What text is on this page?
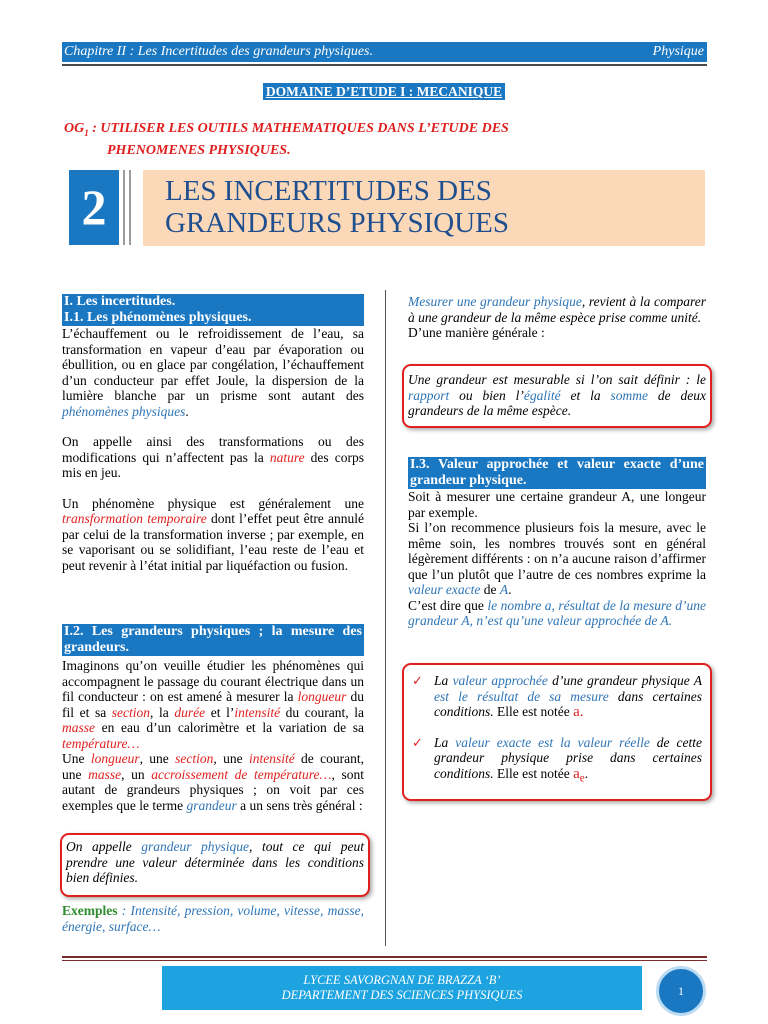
Chapitre II : Les Incertitudes des grandeurs physiques.	Physique
DOMAINE D’ETUDE I : MECANIQUE
$OG_1$ : UTILISER LES OUTILS MATHEMATIQUES DANS L’ETUDE DES
PHENOMENES PHYSIQUES.
2	LES INCERTITUDES DES
GRANDEURS PHYSIQUES
I. Les incertitudes.
I.1. Les phénomènes physiques.

L’échauffement ou le refroidissement de l’eau, sa transformation en vapeur d’eau par évaporation ou ébullition, ou en glace par congélation, l’échauffement d’un conducteur par effet Joule, la dispersion de la lumière blanche par un prisme sont autant des phénomènes physiques.

On appelle ainsi des transformations ou des modifications qui n’affectent pas la nature des corps mis en jeu.

Un phénomène physique est généralement une transformation temporaire dont l’effet peut être annulé par celui de la transformation inverse ; par exemple, en se vaporisant ou se solidifiant, l’eau reste de l’eau et peut revenir à l’état initial par liquéfaction ou fusion.

I.2. Les grandeurs physiques ; la mesure des grandeurs.

Imaginons qu’on veuille étudier les phénomènes qui accompagnent le passage du courant électrique dans un fil conducteur : on est amené à mesurer la longueur du fil et sa section, la durée et l’intensité du courant, la masse en eau d’un calorimètre et la variation de sa température…

Une longueur, une section, une intensité de courant, une masse, un accroissement de température…, sont autant de grandeurs physiques ; on voit par ces exemples que le terme grandeur a un sens très général :

On appelle grandeur physique, tout ce qui peut prendre une valeur déterminée dans les conditions bien définies.

Exemples : Intensité, pression, volume, vitesse, masse, énergie, surface…

Mesurer une grandeur physique, revient à la comparer à une grandeur de la même espèce prise comme unité.

D’une manière générale :

Une grandeur est mesurable si l’on sait définir : le rapport ou bien l’égalité et la somme de deux grandeurs de la même espèce.

I.3. Valeur approchée et valeur exacte d’une grandeur physique.

Soit à mesurer une certaine grandeur A, une longeur par exemple.

Si l’on recommence plusieurs fois la mesure, avec le même soin, les nombres trouvés sont en général légèrement différents : on n’a aucune raison d’affirmer que l’un plutôt que l’autre de ces nombres exprime la valeur exacte de A.

C’est dire que le nombre a, résultat de la mesure d’une grandeur A, n’est qu’une valeur approchée de A.

✓ La valeur approchée d’une grandeur physique A est le résultat de sa mesure dans certaines conditions. Elle est notée a.

✓ La valeur exacte est la valeur réelle de cette grandeur physique prise dans certaines conditions. Elle est notée $a_e$.

LYCEE SAVORGNAN DE BRAZZA ‘B’
DEPARTEMENT DES SCIENCES PHYSIQUES	1
